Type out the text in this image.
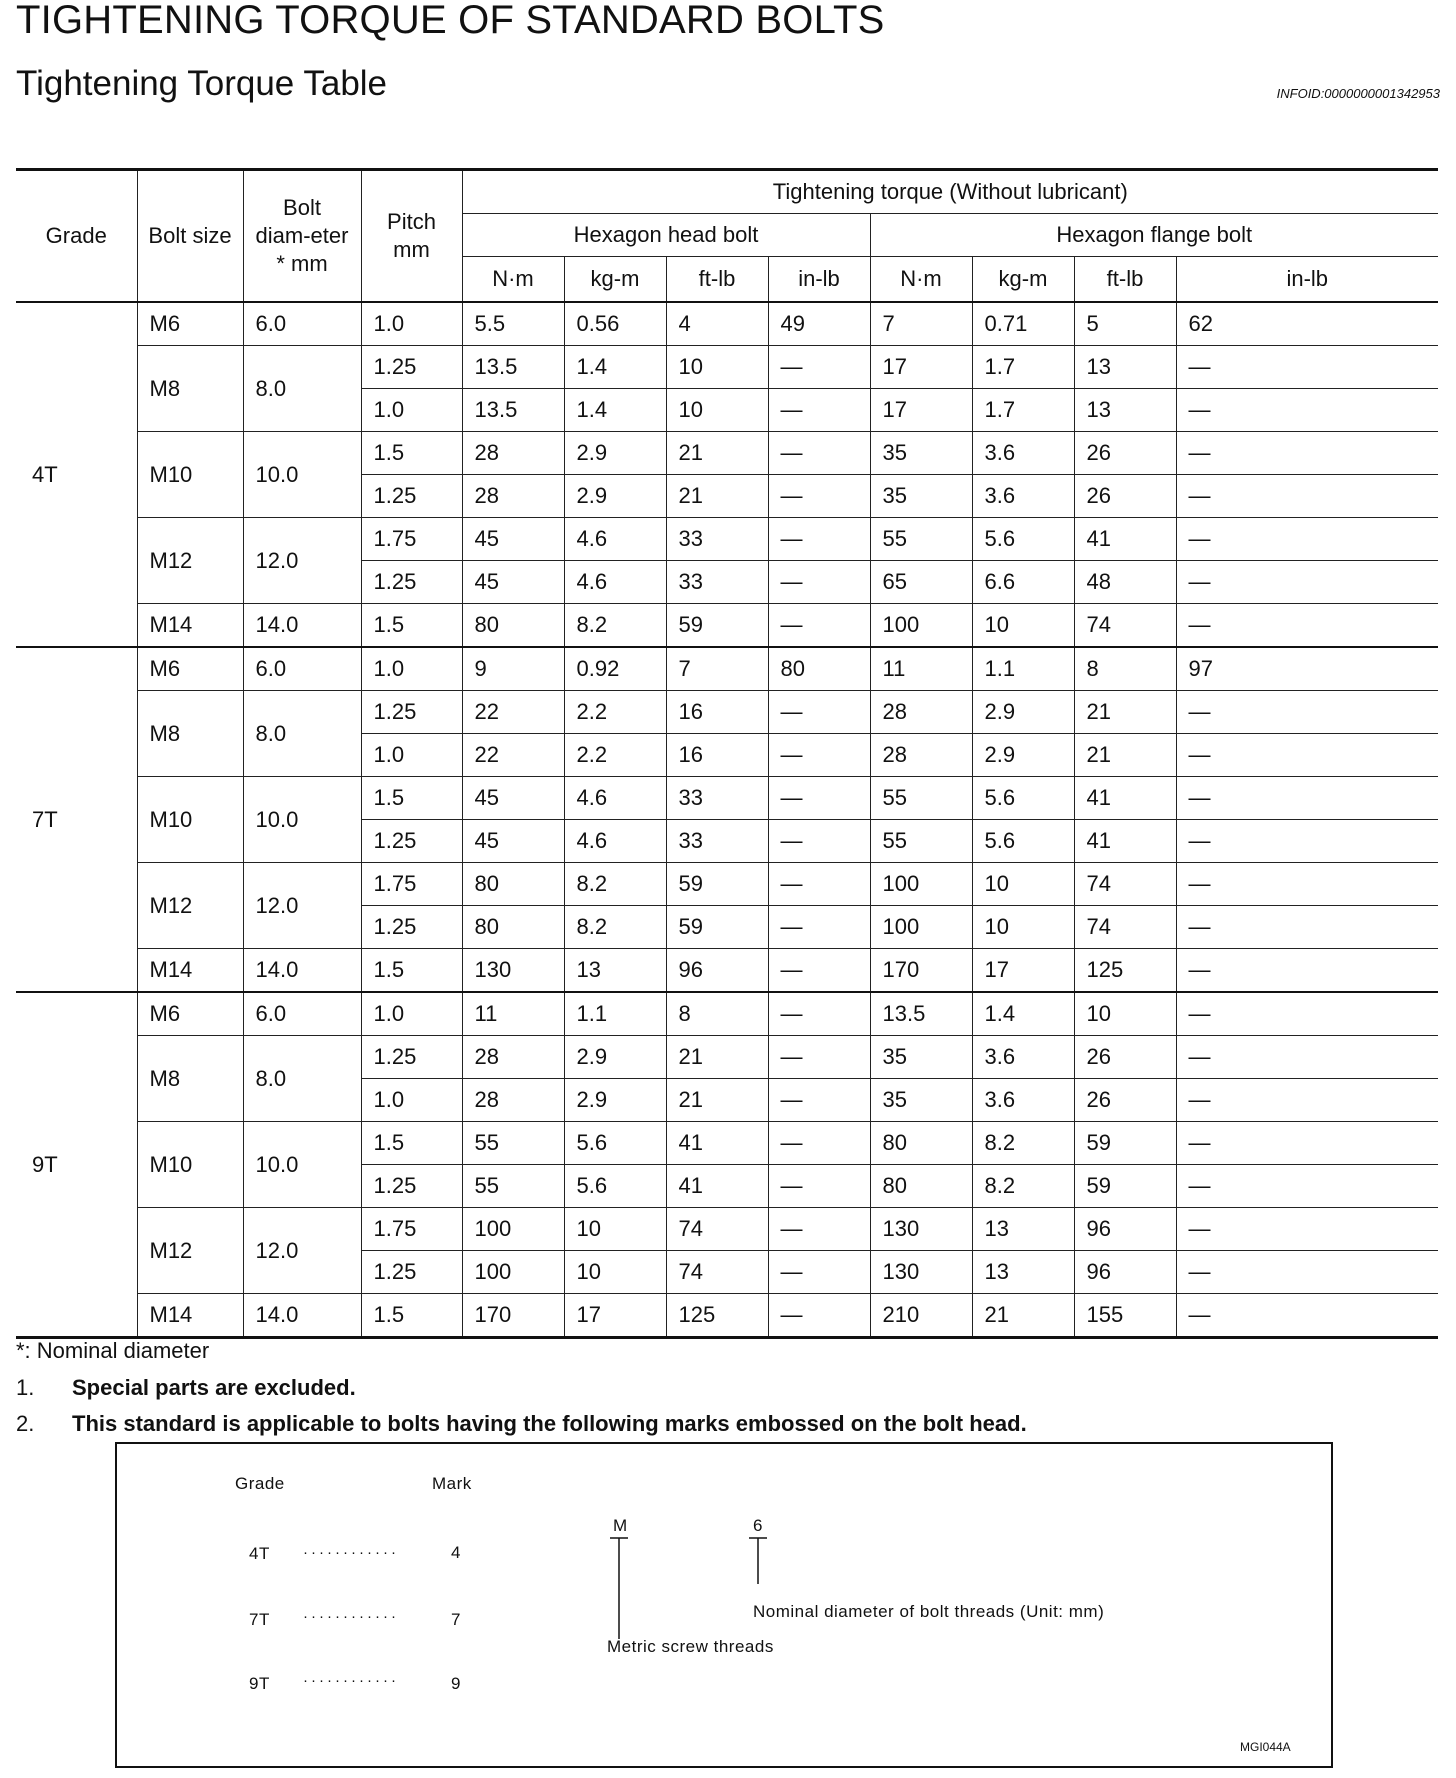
TIGHTENING TORQUE OF STANDARD BOLTS
Tightening Torque Table	INFOID:0000000001342953
Grade	Bolt size	Bolt diam-eter * mm	Pitch mm	Tightening torque (Without lubricant)							
				Hexagon head bolt				Hexagon flange bolt			
				N·m	kg-m	ft-lb	in-lb	N·m	kg-m	ft-lb	in-lb
4T	M6	6.0	1.0	5.5	0.56	4	49	7	0.71	5	62
	M8	8.0	1.25	13.5	1.4	10	—	17	1.7	13	—
			1.0	13.5	1.4	10	—	17	1.7	13	—
	M10	10.0	1.5	28	2.9	21	—	35	3.6	26	—
			1.25	28	2.9	21	—	35	3.6	26	—
	M12	12.0	1.75	45	4.6	33	—	55	5.6	41	—
			1.25	45	4.6	33	—	65	6.6	48	—
	M14	14.0	1.5	80	8.2	59	—	100	10	74	—
7T	M6	6.0	1.0	9	0.92	7	80	11	1.1	8	97
	M8	8.0	1.25	22	2.2	16	—	28	2.9	21	—
			1.0	22	2.2	16	—	28	2.9	21	—
	M10	10.0	1.5	45	4.6	33	—	55	5.6	41	—
			1.25	45	4.6	33	—	55	5.6	41	—
	M12	12.0	1.75	80	8.2	59	—	100	10	74	—
			1.25	80	8.2	59	—	100	10	74	—
	M14	14.0	1.5	130	13	96	—	170	17	125	—
9T	M6	6.0	1.0	11	1.1	8	—	13.5	1.4	10	—
	M8	8.0	1.25	28	2.9	21	—	35	3.6	26	—
			1.0	28	2.9	21	—	35	3.6	26	—
	M10	10.0	1.5	55	5.6	41	—	80	8.2	59	—
			1.25	55	5.6	41	—	80	8.2	59	—
	M12	12.0	1.75	100	10	74	—	130	13	96	—
			1.25	100	10	74	—	130	13	96	—
	M14	14.0	1.5	170	17	125	—	210	21	155	—
*: Nominal diameter
1.	Special parts are excluded.
2.	This standard is applicable to bolts having the following marks embossed on the bolt head.
Grade	Mark
4T ············	4
7T ············	7
9T ············	9
M	6
Nominal diameter of bolt threads (Unit: mm)
Metric screw threads
MGI044A
